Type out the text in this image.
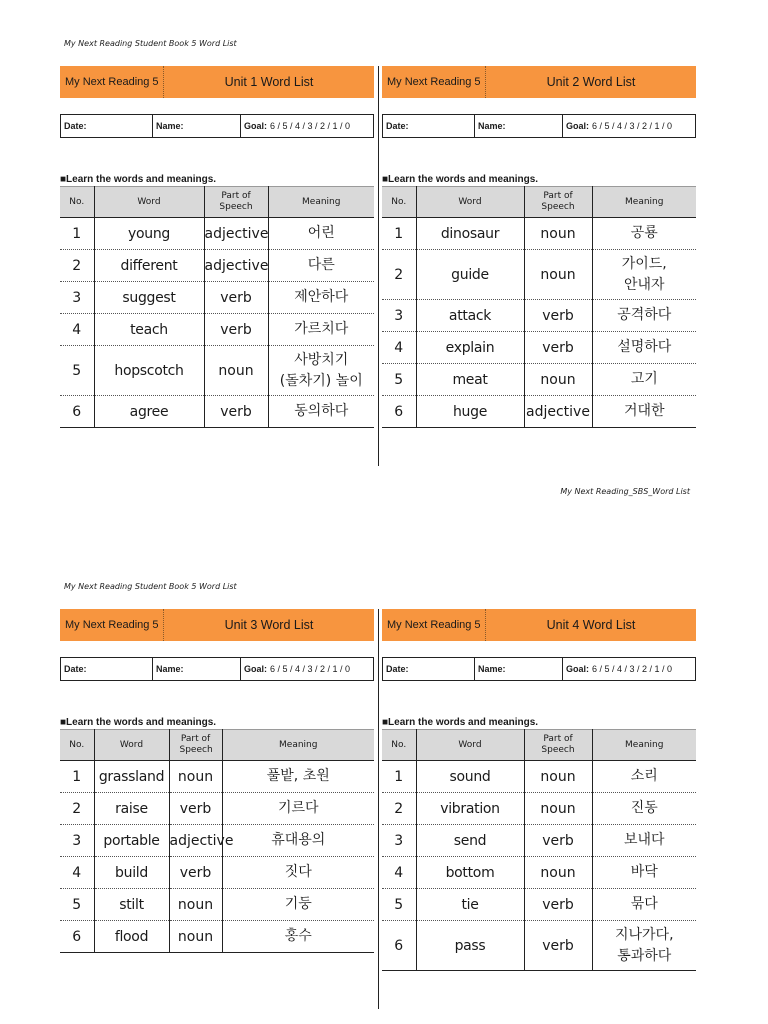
My Next Reading Student Book 5 Word List
My Next Reading 5	Unit 1 Word List
Date:	Name:	Goal: 6 / 5 / 4 / 3 / 2 / 1 / 0
■Learn the words and meanings.
No.	Word	Part of Speech	Meaning
1	young	adjective	어린
2	different	adjective	다른
3	suggest	verb	제안하다
4	teach	verb	가르치다
5	hopscotch	noun	사방치기
(돌차기) 놀이
6	agree	verb	동의하다
My Next Reading 5	Unit 2 Word List
Date:	Name:	Goal: 6 / 5 / 4 / 3 / 2 / 1 / 0
■Learn the words and meanings.
No.	Word	Part of Speech	Meaning
1	dinosaur	noun	공룡
2	guide	noun	가이드,
안내자
3	attack	verb	공격하다
4	explain	verb	설명하다
5	meat	noun	고기
6	huge	adjective	거대한
My Next Reading_SBS_Word List
My Next Reading Student Book 5 Word List
My Next Reading 5	Unit 3 Word List
Date:	Name:	Goal: 6 / 5 / 4 / 3 / 2 / 1 / 0
■Learn the words and meanings.
No.	Word	Part of Speech	Meaning
1	grassland	noun	풀밭, 초원
2	raise	verb	기르다
3	portable	adjective	휴대용의
4	build	verb	짓다
5	stilt	noun	기둥
6	flood	noun	홍수
My Next Reading 5	Unit 4 Word List
Date:	Name:	Goal: 6 / 5 / 4 / 3 / 2 / 1 / 0
■Learn the words and meanings.
No.	Word	Part of Speech	Meaning
1	sound	noun	소리
2	vibration	noun	진동
3	send	verb	보내다
4	bottom	noun	바닥
5	tie	verb	묶다
6	pass	verb	지나가다,
통과하다
